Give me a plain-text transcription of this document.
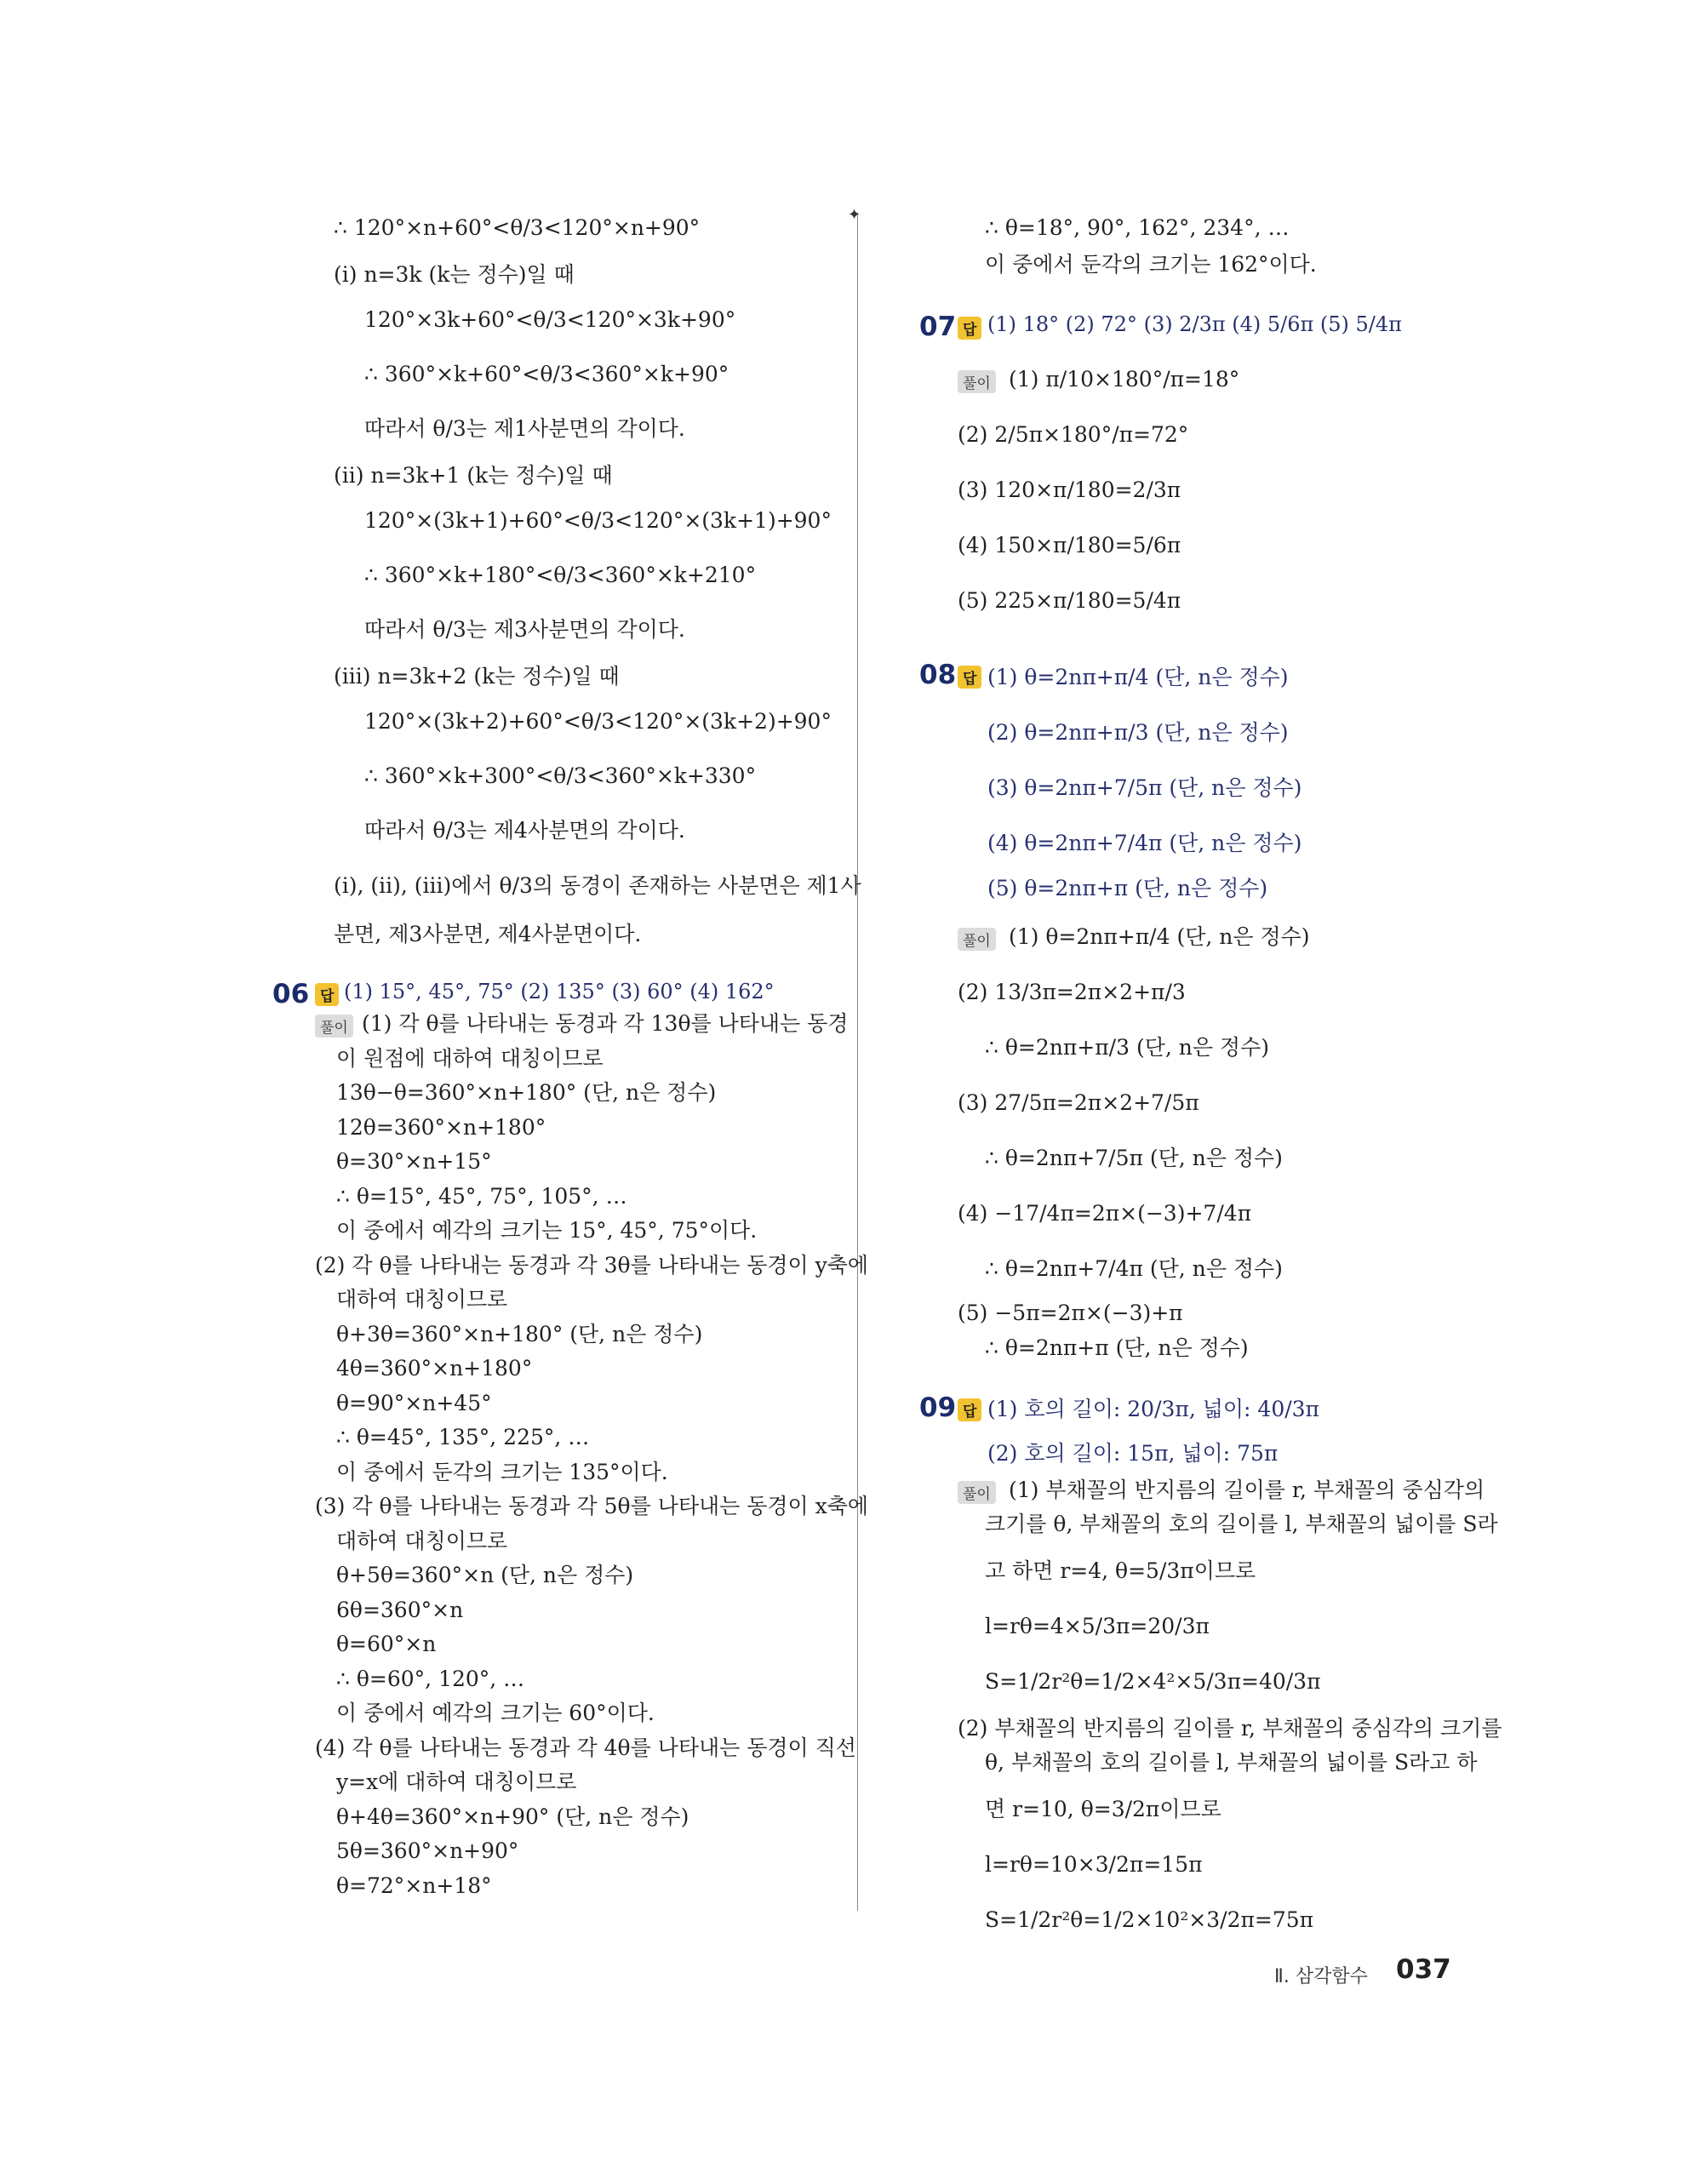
✦
∴ 120°×n+60°<θ/3<120°×n+90°
(ⅰ) n=3k (k는 정수)일 때
120°×3k+60°<θ/3<120°×3k+90°
∴ 360°×k+60°<θ/3<360°×k+90°
따라서 θ/3는 제1사분면의 각이다.
(ⅱ) n=3k+1 (k는 정수)일 때
120°×(3k+1)+60°<θ/3<120°×(3k+1)+90°
∴ 360°×k+180°<θ/3<360°×k+210°
따라서 θ/3는 제3사분면의 각이다.
(ⅲ) n=3k+2 (k는 정수)일 때
120°×(3k+2)+60°<θ/3<120°×(3k+2)+90°
∴ 360°×k+300°<θ/3<360°×k+330°
따라서 θ/3는 제4사분면의 각이다.
(ⅰ), (ⅱ), (ⅲ)에서 θ/3의 동경이 존재하는 사분면은 제1사
분면, 제3사분면, 제4사분면이다.
06 답 (1) 15°, 45°, 75° (2) 135° (3) 60° (4) 162°
풀이 (1) 각 θ를 나타내는 동경과 각 13θ를 나타내는 동경
이 원점에 대하여 대칭이므로
13θ−θ=360°×n+180° (단, n은 정수)
12θ=360°×n+180°
θ=30°×n+15°
∴ θ=15°, 45°, 75°, 105°, …
이 중에서 예각의 크기는 15°, 45°, 75°이다.
(2) 각 θ를 나타내는 동경과 각 3θ를 나타내는 동경이 y축에
대하여 대칭이므로
θ+3θ=360°×n+180° (단, n은 정수)
4θ=360°×n+180°
θ=90°×n+45°
∴ θ=45°, 135°, 225°, …
이 중에서 둔각의 크기는 135°이다.
(3) 각 θ를 나타내는 동경과 각 5θ를 나타내는 동경이 x축에
대하여 대칭이므로
θ+5θ=360°×n (단, n은 정수)
6θ=360°×n
θ=60°×n
∴ θ=60°, 120°, …
이 중에서 예각의 크기는 60°이다.
(4) 각 θ를 나타내는 동경과 각 4θ를 나타내는 동경이 직선
y=x에 대하여 대칭이므로
θ+4θ=360°×n+90° (단, n은 정수)
5θ=360°×n+90°
θ=72°×n+18°
∴ θ=18°, 90°, 162°, 234°, …
이 중에서 둔각의 크기는 162°이다.
07 답 (1) 18° (2) 72° (3) 2/3π (4) 5/6π (5) 5/4π
풀이 (1) π/10×180°/π=18°
(2) 2/5π×180°/π=72°
(3) 120×π/180=2/3π
(4) 150×π/180=5/6π
(5) 225×π/180=5/4π
08 답 (1) θ=2nπ+π/4 (단, n은 정수)
(2) θ=2nπ+π/3 (단, n은 정수)
(3) θ=2nπ+7/5π (단, n은 정수)
(4) θ=2nπ+7/4π (단, n은 정수)
(5) θ=2nπ+π (단, n은 정수)
풀이 (1) θ=2nπ+π/4 (단, n은 정수)
(2) 13/3π=2π×2+π/3
∴ θ=2nπ+π/3 (단, n은 정수)
(3) 27/5π=2π×2+7/5π
∴ θ=2nπ+7/5π (단, n은 정수)
(4) −17/4π=2π×(−3)+7/4π
∴ θ=2nπ+7/4π (단, n은 정수)
(5) −5π=2π×(−3)+π
∴ θ=2nπ+π (단, n은 정수)
09 답 (1) 호의 길이: 20/3π, 넓이: 40/3π
(2) 호의 길이: 15π, 넓이: 75π
풀이 (1) 부채꼴의 반지름의 길이를 r, 부채꼴의 중심각의
크기를 θ, 부채꼴의 호의 길이를 l, 부채꼴의 넓이를 S라
고 하면 r=4, θ=5/3π이므로
l=rθ=4×5/3π=20/3π
S=1/2r²θ=1/2×4²×5/3π=40/3π
(2) 부채꼴의 반지름의 길이를 r, 부채꼴의 중심각의 크기를
θ, 부채꼴의 호의 길이를 l, 부채꼴의 넓이를 S라고 하
면 r=10, θ=3/2π이므로
l=rθ=10×3/2π=15π
S=1/2r²θ=1/2×10²×3/2π=75π
Ⅱ. 삼각함수 037
